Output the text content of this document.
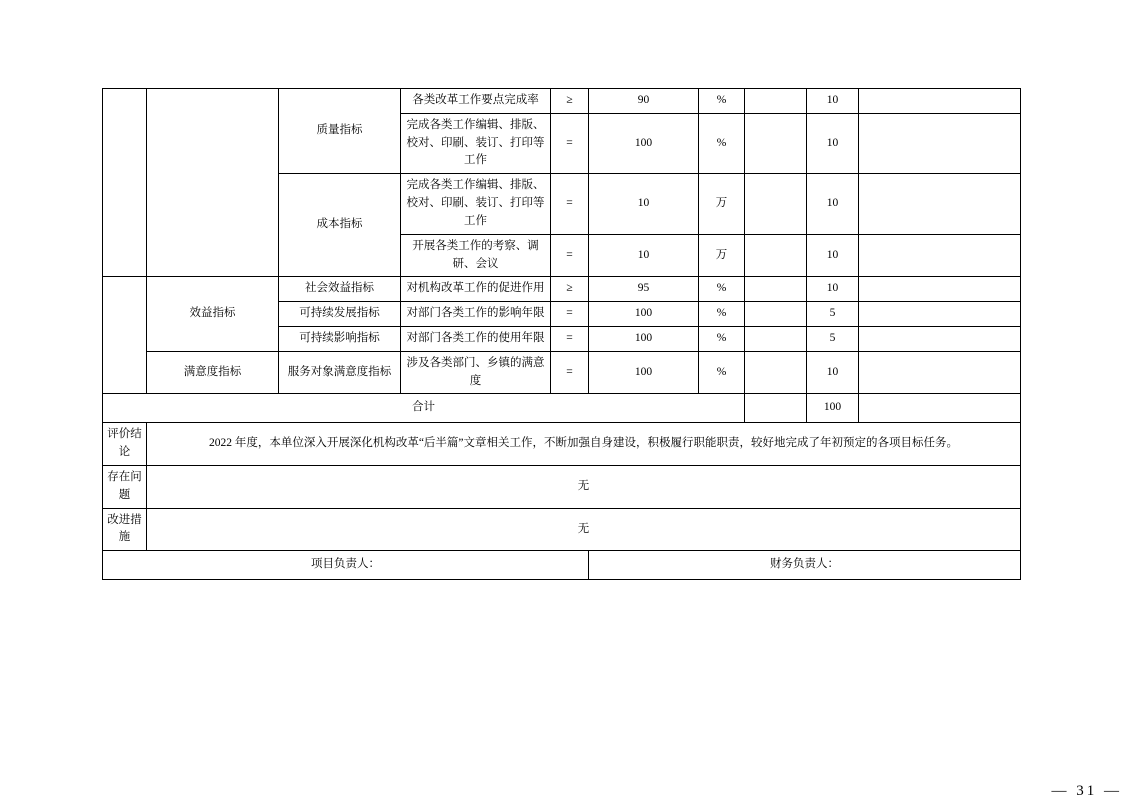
		质量指标	各类改革工作要点完成率	≥	90	%		10	
			完成各类工作编辑、排版、校对、印刷、装订、打印等工作	=	100	%		10	
		成本指标	完成各类工作编辑、排版、校对、印刷、装订、打印等工作	=	10	万		10	
			开展各类工作的考察、调研、会议	=	10	万		10	
	效益指标	社会效益指标	对机构改革工作的促进作用	≥	95	%		10	
		可持续发展指标	对部门各类工作的影响年限	=	100	%		5	
		可持续影响指标	对部门各类工作的使用年限	=	100	%		5	
	满意度指标	服务对象满意度指标	涉及各类部门、乡镇的满意度	=	100	%		10	
合计								100	
评价结论	2022 年度，本单位深入开展深化机构改革“后半篇”文章相关工作，不断加强自身建设，积极履行职能职责，较好地完成了年初预定的各项目标任务。								
存在问题	无								
改进措施	无								
项目负责人：					财务负责人：				
— 31 —
